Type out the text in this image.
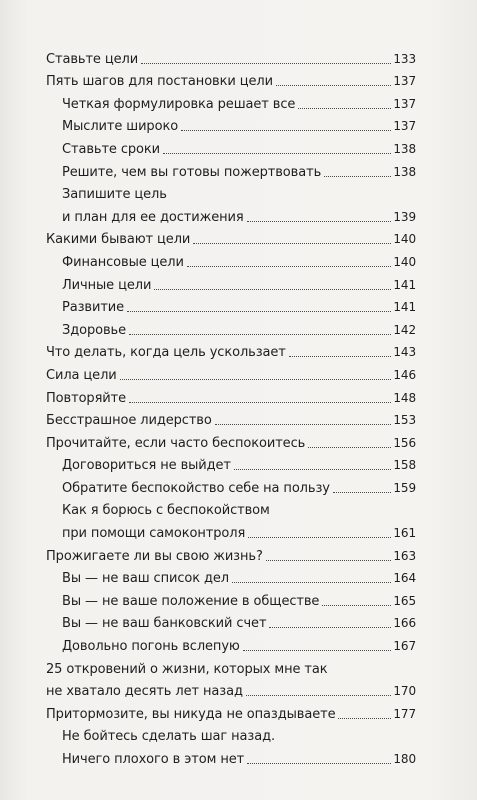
Ставьте цели	133
Пять шагов для постановки цели	137
Четкая формулировка решает все	137
Мыслите широко	137
Ставьте сроки	138
Решите, чем вы готовы пожертвовать	138
Запишите цель
и план для ее достижения	139
Какими бывают цели	140
Финансовые цели	140
Личные цели	141
Развитие	141
Здоровье	142
Что делать, когда цель ускользает	143
Сила цели	146
Повторяйте	148
Бесстрашное лидерство	153
Прочитайте, если часто беспокоитесь	156
Договориться не выйдет	158
Обратите беспокойство себе на пользу	159
Как я борюсь с беспокойством
при помощи самоконтроля	161
Прожигаете ли вы свою жизнь?	163
Вы — не ваш список дел	164
Вы — не ваше положение в обществе	165
Вы — не ваш банковский счет	166
Довольно погонь вслепую	167
25 откровений о жизни, которых мне так
не хватало десять лет назад	170
Притормозите, вы никуда не опаздываете	177
Не бойтесь сделать шаг назад.
Ничего плохого в этом нет	180
